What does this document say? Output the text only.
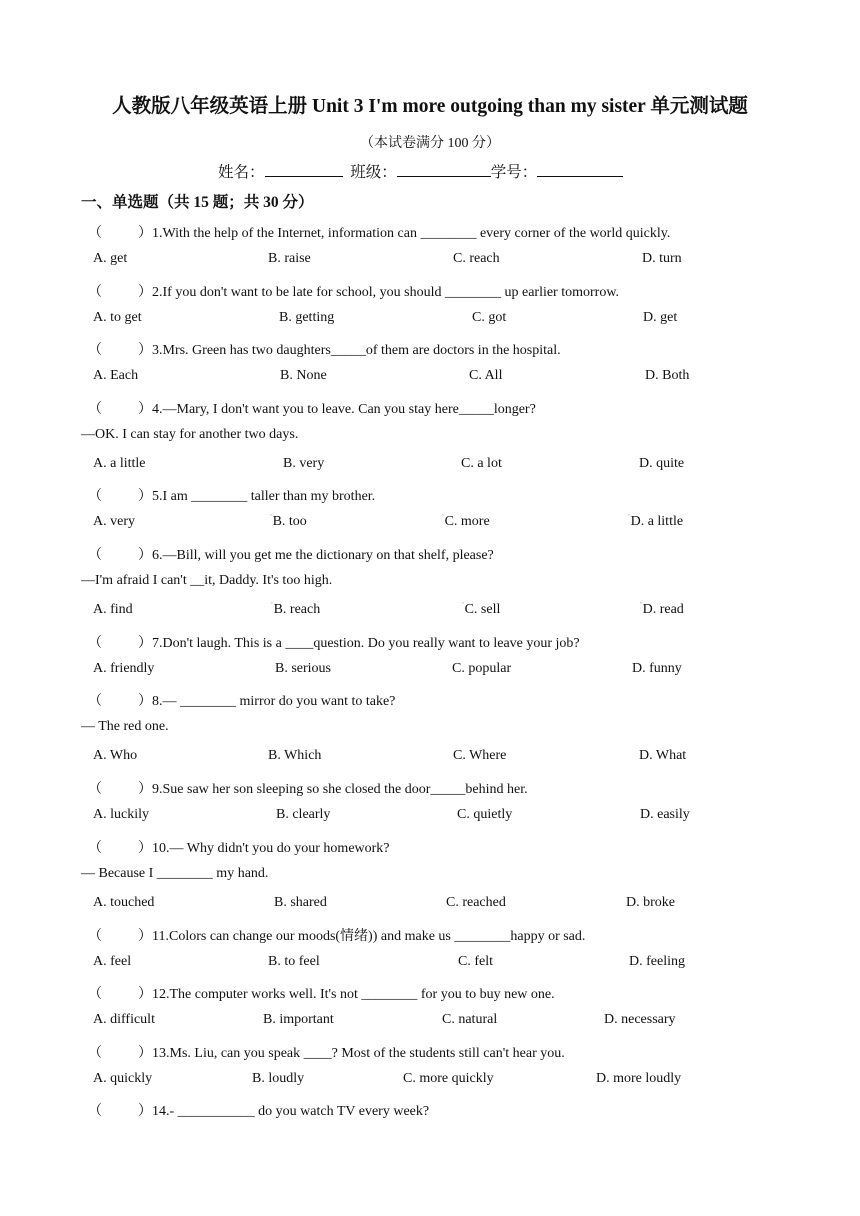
人教版八年级英语上册 Unit 3 I'm more outgoing than my sister 单元测试题
（本试卷满分 100 分）
姓名：	班级：	学号：
一、单选题（共 15 题；共 30 分）
（	）1.With the help of the Internet, information can ________ every corner of the world quickly.
A. get	B. raise	C. reach	D. turn
（	）2.If you don't want to be late for school, you should ________ up earlier tomorrow.
A. to get	B. getting	C. got	D. get
（	）3.Mrs. Green has two daughters_____of them are doctors in the hospital.
A. Each	B. None	C. All	D. Both
（	）4.—Mary, I don't want you to leave. Can you stay here_____longer?
—OK. I can stay for another two days.
A. a little	B. very	C. a lot	D. quite
（	）5.I am ________ taller than my brother.
A. very	$^{^n}$B. too	$^{^n}$C. more	$^{^n}$D. a little
（	）6.—Bill, will you get me the dictionary on that shelf, please?
—I'm afraid I can't __it, Daddy. It's too high.
A. find	$^{^n}$B. reach	$^{^n}$C. sell	$^{^n}$D. read
（	）7.Don't laugh. This is a ____question. Do you really want to leave your job?
A. friendly	B. serious	C. popular	D. funny
（	）8.— ________ mirror do you want to take?
— The red one.
A. Who	B. Which	C. Where	D. What
（	）9.Sue saw her son sleeping so she closed the door_____behind her.
A. luckily	B. clearly	C. quietly	D. easily
（	）10.— Why didn't you do your homework?
— Because I ________ my hand.
A. touched	B. shared	C. reached	D. broke
（	）11.Colors can change our moods(情绪)) and make us ________happy or sad.
A. feel	B. to feel	C. felt	D. feeling
（	）12.The computer works well. It's not ________ for you to buy new one.
A. difficult	B. important	C. natural	D. necessary
（	）13.Ms. Liu, can you speak ____? Most of the students still can't hear you.
A. quickly	B. loudly	C. more quickly	D. more loudly
（	）14.- ___________ do you watch TV every week?
